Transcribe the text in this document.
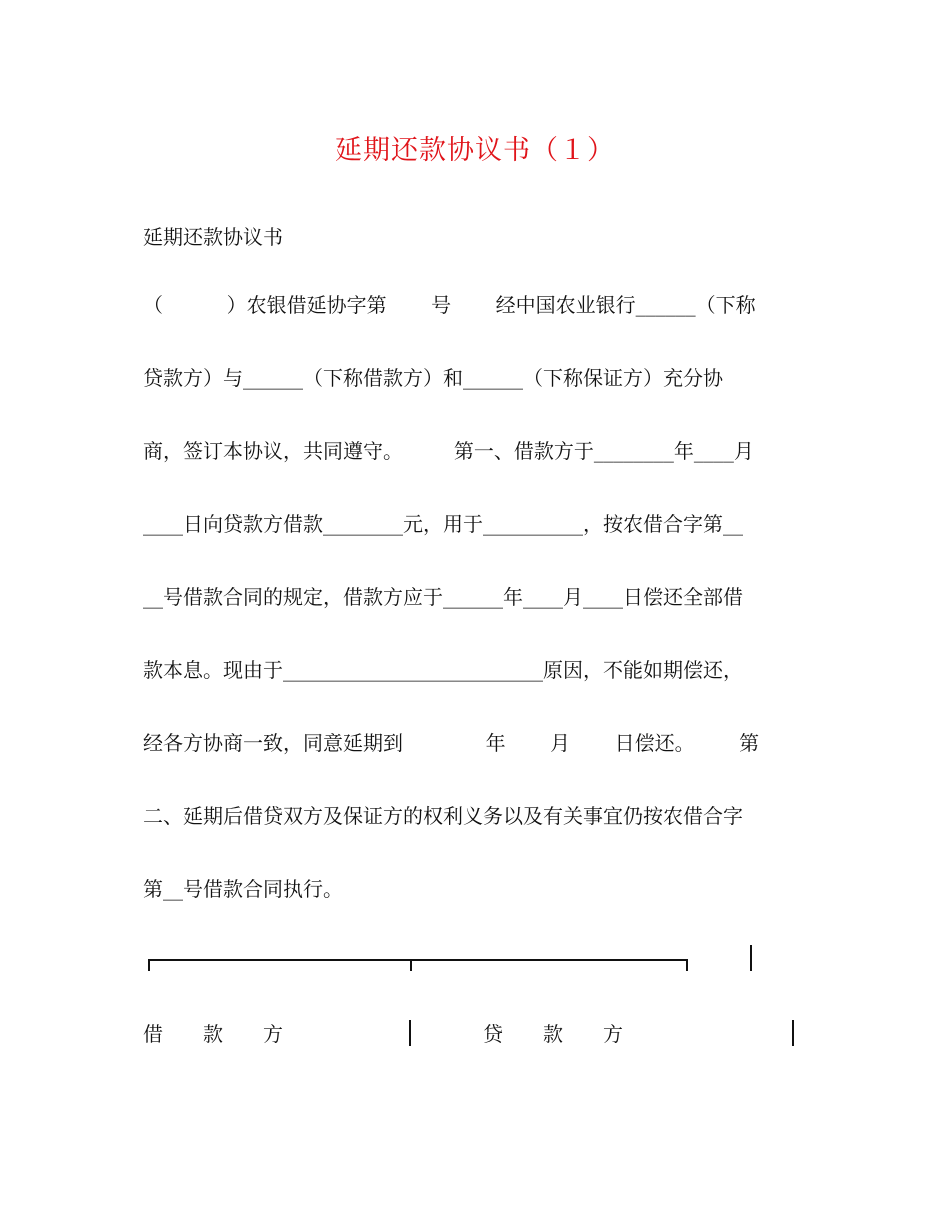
延期还款协议书（１）
延期还款协议书
（          ）农银借延协字第       号       经中国农业银行______（下称
贷款方）与______（下称借款方）和______（下称保证方）充分协
商，签订本协议，共同遵守。        第一、借款方于________年____月
____日向贷款方借款________元，用于__________，按农借合字第__
__号借款合同的规定，借款方应于______年____月____日偿还全部借
款本息。现由于__________________________原因，不能如期偿还，
经各方协商一致，同意延期到             年       月       日偿还。       第
二、延期后借贷双方及保证方的权利义务以及有关事宜仍按农借合字
第__号借款合同执行。
借　　款　　方	贷　　款　　方
